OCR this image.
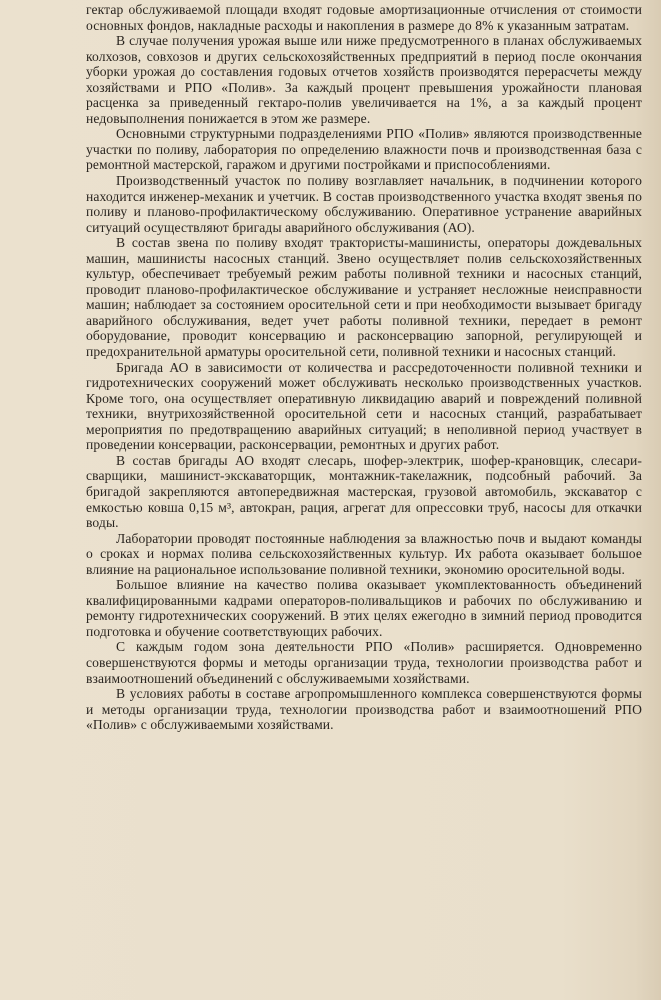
гектар обслуживаемой площади входят годовые амортизационные отчисления от стоимости основных фондов, накладные расходы и накопления в размере до 8% к указанным затратам.

В случае получения урожая выше или ниже предусмотренного в планах обслуживаемых колхозов, совхозов и других сельскохозяйственных предприятий в период после окончания уборки урожая до составления годовых отчетов хозяйств производятся перерасчеты между хозяйствами и РПО «Полив». За каждый процент превышения урожайности плановая расценка за приведенный гектаро-полив увеличивается на 1%, а за каждый процент недовыполнения понижается в этом же размере.

Основными структурными подразделениями РПО «Полив» являются производственные участки по поливу, лаборатория по определению влажности почв и производственная база с ремонтной мастерской, гаражом и другими постройками и приспособлениями.

Производственный участок по поливу возглавляет начальник, в подчинении которого находится инженер-механик и учетчик. В состав производственного участка входят звенья по поливу и планово-профилактическому обслуживанию. Оперативное устранение аварийных ситуаций осуществляют бригады аварийного обслуживания (АО).

В состав звена по поливу входят трактористы-машинисты, операторы дождевальных машин, машинисты насосных станций. Звено осуществляет полив сельскохозяйственных культур, обеспечивает требуемый режим работы поливной техники и насосных станций, проводит планово-профилактическое обслуживание и устраняет несложные неисправности машин; наблюдает за состоянием оросительной сети и при необходимости вызывает бригаду аварийного обслуживания, ведет учет работы поливной техники, передает в ремонт оборудование, проводит консервацию и расконсервацию запорной, регулирующей и предохранительной арматуры оросительной сети, поливной техники и насосных станций.

Бригада АО в зависимости от количества и рассредоточенности поливной техники и гидротехнических сооружений может обслуживать несколько производственных участков. Кроме того, она осуществляет оперативную ликвидацию аварий и повреждений поливной техники, внутрихозяйственной оросительной сети и насосных станций, разрабатывает мероприятия по предотвращению аварийных ситуаций; в неполивной период участвует в проведении консервации, расконсервации, ремонтных и других работ.

В состав бригады АО входят слесарь, шофер-электрик, шофер-крановщик, слесари-сварщики, машинист-экскаваторщик, монтажник-такелажник, подсобный рабочий. За бригадой закрепляются автопередвижная мастерская, грузовой автомобиль, экскаватор с емкостью ковша 0,15 м³, автокран, рация, агрегат для опрессовки труб, насосы для откачки воды.

Лаборатории проводят постоянные наблюдения за влажностью почв и выдают команды о сроках и нормах полива сельскохозяйственных культур. Их работа оказывает большое влияние на рациональное использование поливной техники, экономию оросительной воды.

Большое влияние на качество полива оказывает укомплектованность объединений квалифицированными кадрами операторов-поливальщиков и рабочих по обслуживанию и ремонту гидротехнических сооружений. В этих целях ежегодно в зимний период проводится подготовка и обучение соответствующих рабочих.

С каждым годом зона деятельности РПО «Полив» расширяется. Одновременно совершенствуются формы и методы организации труда, технологии производства работ и взаимоотношений объединений с обслуживаемыми хозяйствами.

В условиях работы в составе агропромышленного комплекса совершенствуются формы и методы организации труда, технологии производства работ и взаимоотношений РПО «Полив» с обслуживаемыми хозяйствами.
